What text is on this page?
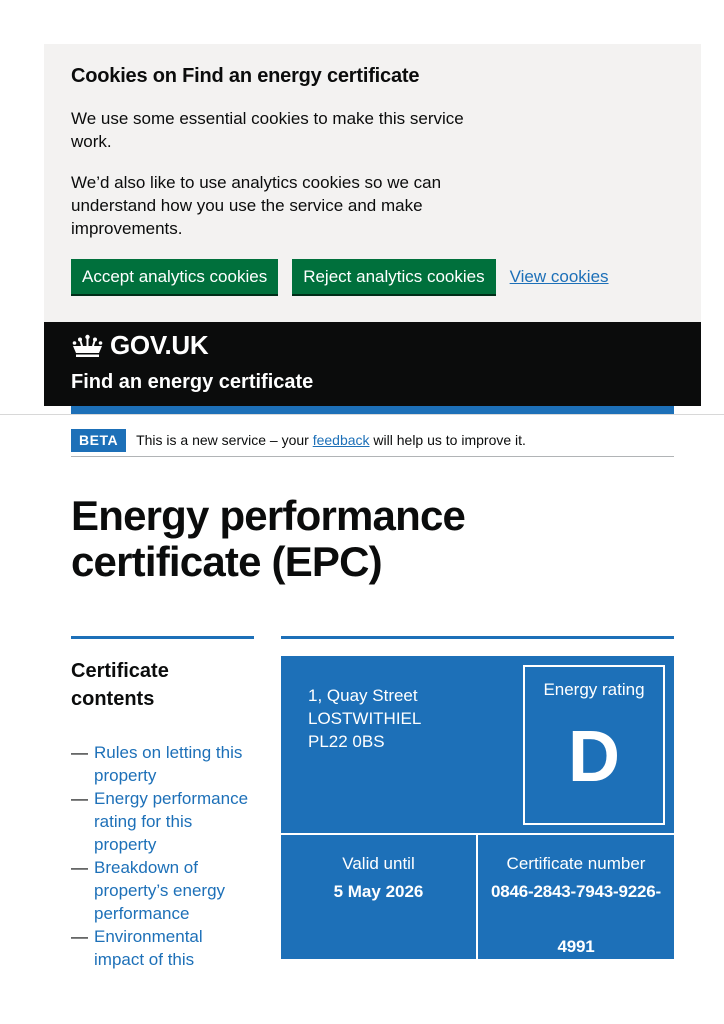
Cookies on Find an energy certificate

We use some essential cookies to make this service work.

We’d also like to use analytics cookies so we can understand how you use the service and make improvements.

Accept analytics cookies	Reject analytics cookies	View cookies
GOV.UK
Find an energy certificate
BETA	This is a new service – your feedback will help us to improve it.
Energy performance certificate (EPC)
Certificate contents
— Rules on letting this property
— Energy performance rating for this property
— Breakdown of property’s energy performance
— Environmental impact of this
1, Quay Street
LOSTWITHIEL
PL22 0BS
Energy rating
D
Valid until
5 May 2026
Certificate number
0846-2843-7943-9226-
4991
